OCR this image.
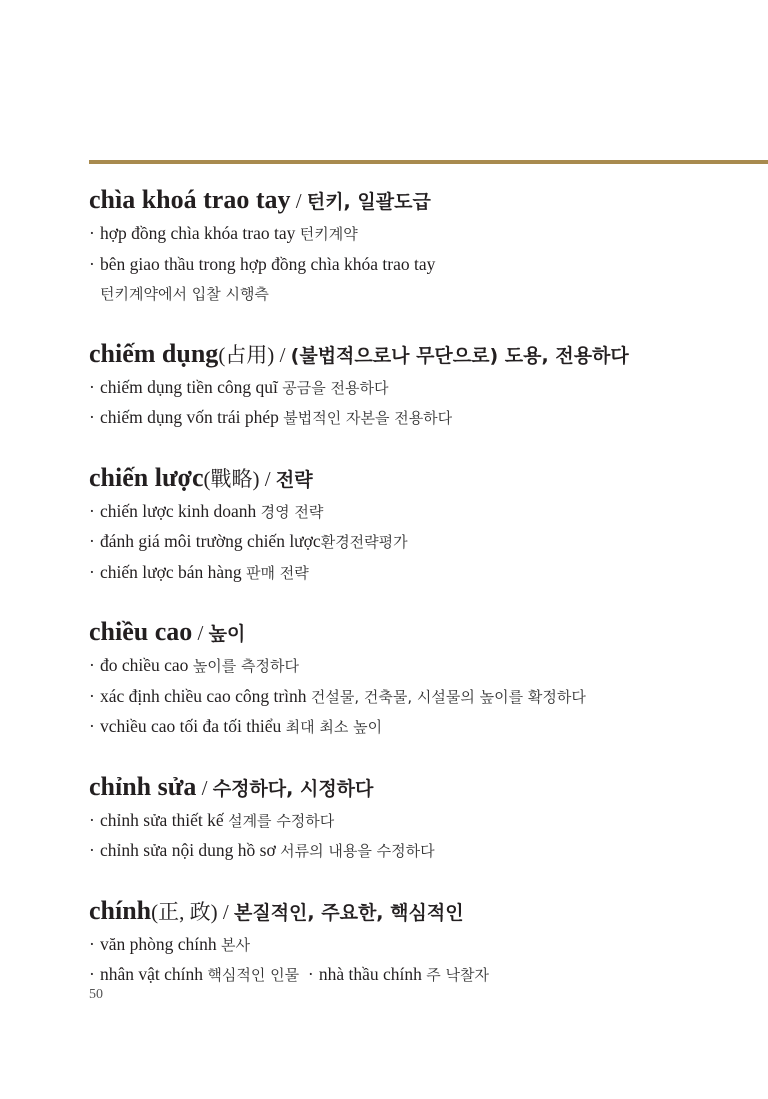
chìa khoá trao tay / 턴키, 일괄도급
· hợp đồng chìa khóa trao tay 턴키계약
· bên giao thầu trong hợp đồng chìa khóa trao tay
턴키계약에서 입찰 시행측
chiếm dụng(占用) / (불법적으로나 무단으로) 도용, 전용하다
· chiếm dụng tiền công quĩ 공금을 전용하다
· chiếm dụng vốn trái phép 불법적인 자본을 전용하다
chiến lược(戰略) / 전략
· chiến lược kinh doanh 경영 전략
· đánh giá môi trường chiến lược환경전략평가
· chiến lược bán hàng 판매 전략
chiều cao / 높이
· đo chiều cao 높이를 측정하다
· xác định chiều cao công trình 건설물, 건축물, 시설물의 높이를 확정하다
· vchiều cao tối đa tối thiểu 최대 최소 높이
chỉnh sửa / 수정하다, 시정하다
· chỉnh sửa thiết kế 설계를 수정하다
· chỉnh sửa nội dung hồ sơ 서류의 내용을 수정하다
chính(正, 政) / 본질적인, 주요한, 핵심적인
· văn phòng chính 본사
· nhân vật chính 핵심적인 인물 · nhà thầu chính 주 낙찰자
50
